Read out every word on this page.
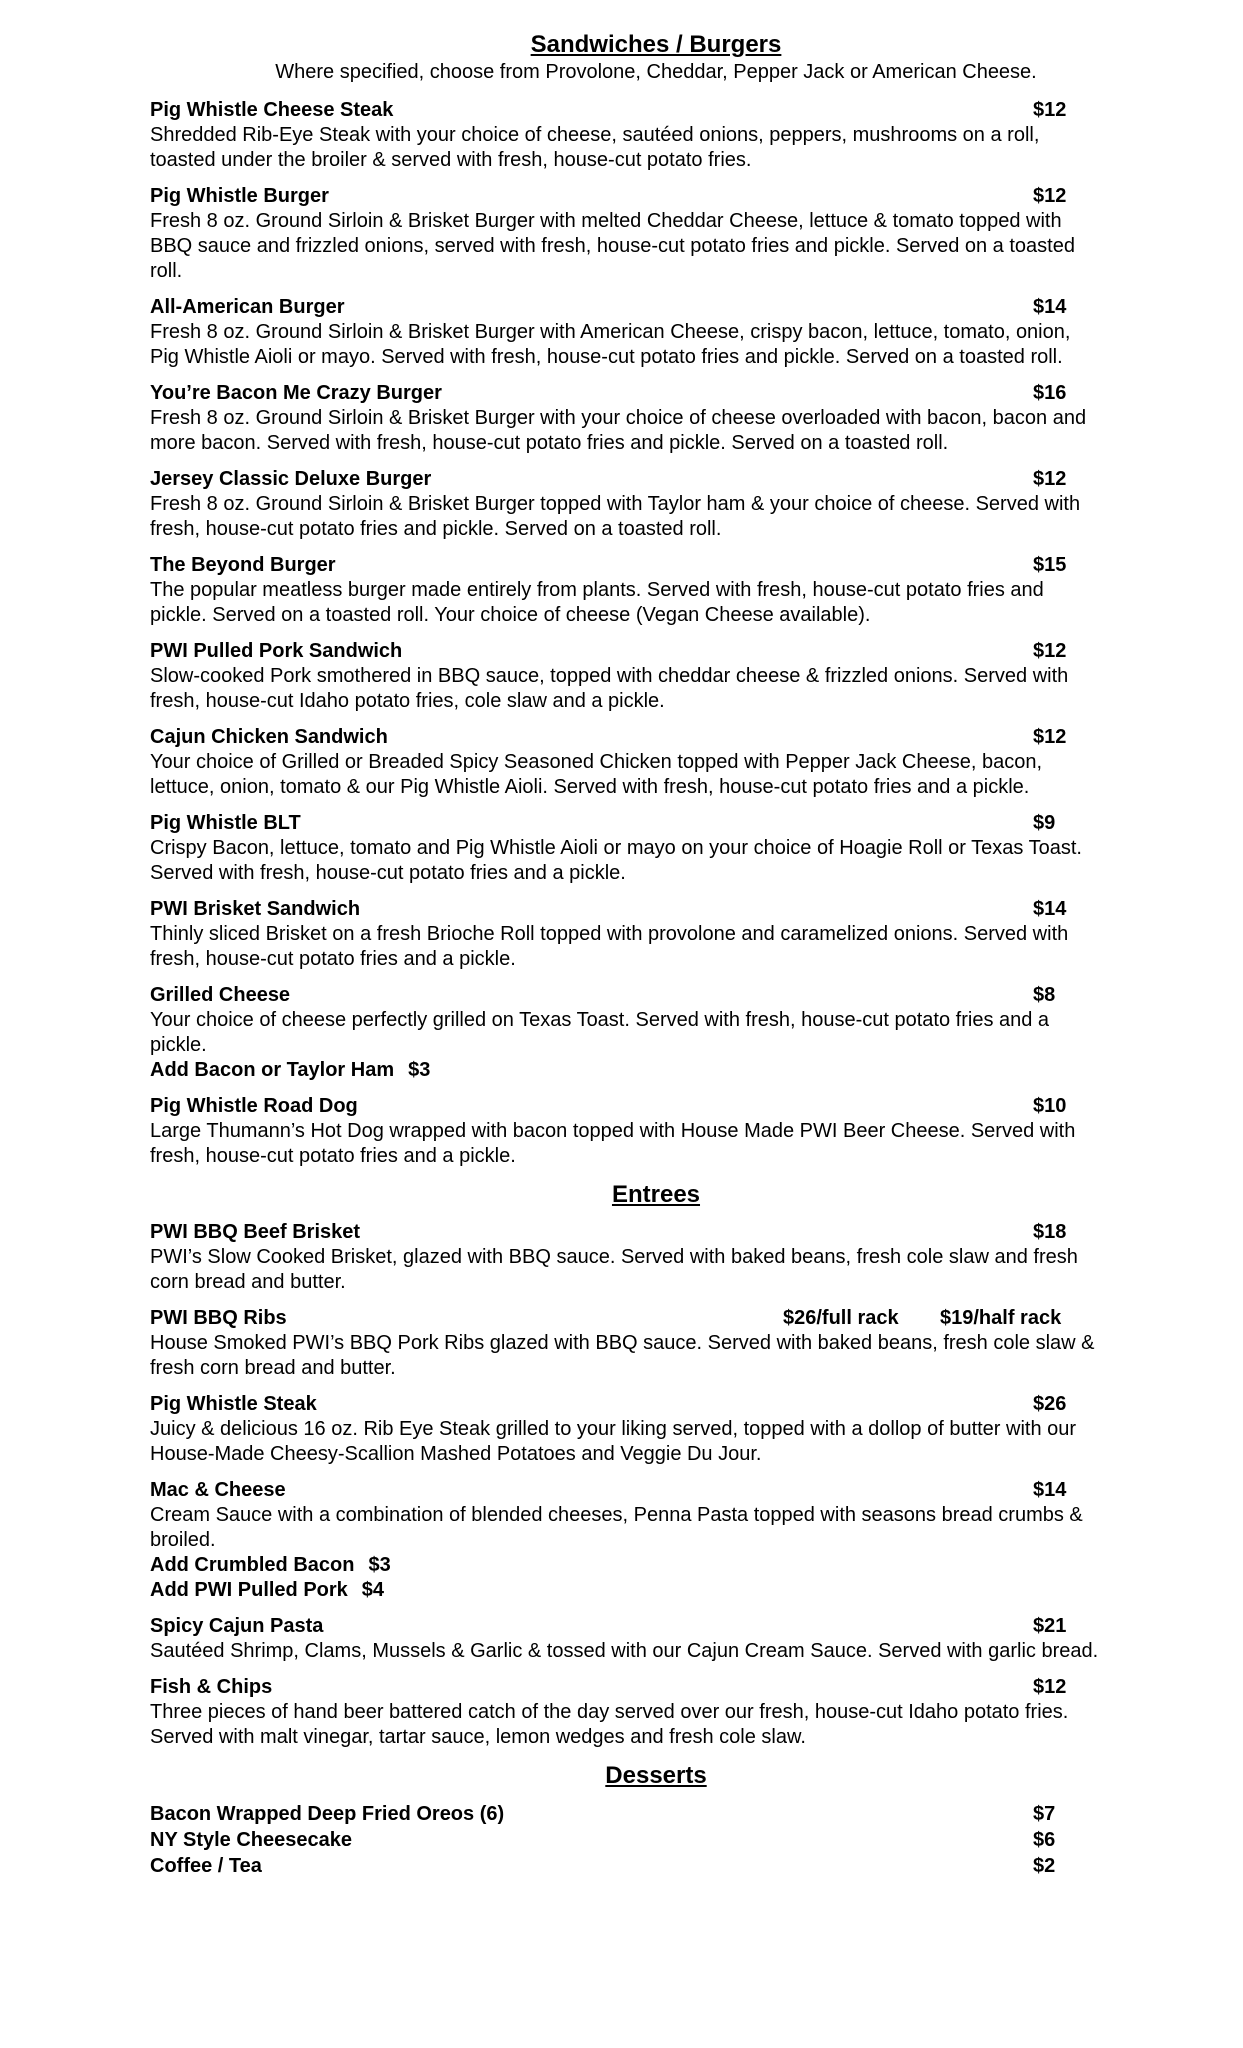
Sandwiches / Burgers

Where specified, choose from Provolone, Cheddar, Pepper Jack or American Cheese.

Pig Whistle Cheese Steak	$12

Shredded Rib-Eye Steak with your choice of cheese, sautéed onions, peppers, mushrooms on a roll, toasted under the broiler & served with fresh, house-cut potato fries.

Pig Whistle Burger	$12

Fresh 8 oz. Ground Sirloin & Brisket Burger with melted Cheddar Cheese, lettuce & tomato topped with BBQ sauce and frizzled onions, served with fresh, house-cut potato fries and pickle. Served on a toasted roll.

All-American Burger	$14

Fresh 8 oz. Ground Sirloin & Brisket Burger with American Cheese, crispy bacon, lettuce, tomato, onion, Pig Whistle Aioli or mayo. Served with fresh, house-cut potato fries and pickle. Served on a toasted roll.

You’re Bacon Me Crazy Burger	$16

Fresh 8 oz. Ground Sirloin & Brisket Burger with your choice of cheese overloaded with bacon, bacon and more bacon. Served with fresh, house-cut potato fries and pickle. Served on a toasted roll.

Jersey Classic Deluxe Burger	$12

Fresh 8 oz. Ground Sirloin & Brisket Burger topped with Taylor ham & your choice of cheese. Served with fresh, house-cut potato fries and pickle. Served on a toasted roll.

The Beyond Burger	$15

The popular meatless burger made entirely from plants. Served with fresh, house-cut potato fries and pickle. Served on a toasted roll. Your choice of cheese (Vegan Cheese available).

PWI Pulled Pork Sandwich	$12

Slow-cooked Pork smothered in BBQ sauce, topped with cheddar cheese & frizzled onions. Served with fresh, house-cut Idaho potato fries, cole slaw and a pickle.

Cajun Chicken Sandwich	$12

Your choice of Grilled or Breaded Spicy Seasoned Chicken topped with Pepper Jack Cheese, bacon, lettuce, onion, tomato & our Pig Whistle Aioli. Served with fresh, house-cut potato fries and a pickle.

Pig Whistle BLT	$9

Crispy Bacon, lettuce, tomato and Pig Whistle Aioli or mayo on your choice of Hoagie Roll or Texas Toast. Served with fresh, house-cut potato fries and a pickle.

PWI Brisket Sandwich	$14

Thinly sliced Brisket on a fresh Brioche Roll topped with provolone and caramelized onions. Served with fresh, house-cut potato fries and a pickle.

Grilled Cheese	$8

Your choice of cheese perfectly grilled on Texas Toast. Served with fresh, house-cut potato fries and a pickle.

Add Bacon or Taylor Ham $3
Pig Whistle Road Dog	$10

Large Thumann’s Hot Dog wrapped with bacon topped with House Made PWI Beer Cheese. Served with fresh, house-cut potato fries and a pickle.

Entrees
PWI BBQ Beef Brisket	$18

PWI’s Slow Cooked Brisket, glazed with BBQ sauce. Served with baked beans, fresh cole slaw and fresh corn bread and butter.

PWI BBQ Ribs	$26/full rack $19/half rack

House Smoked PWI’s BBQ Pork Ribs glazed with BBQ sauce. Served with baked beans, fresh cole slaw & fresh corn bread and butter.

Pig Whistle Steak	$26

Juicy & delicious 16 oz. Rib Eye Steak grilled to your liking served, topped with a dollop of butter with our House-Made Cheesy-Scallion Mashed Potatoes and Veggie Du Jour.

Mac & Cheese	$14

Cream Sauce with a combination of blended cheeses, Penna Pasta topped with seasons bread crumbs & broiled.

Add Crumbled Bacon $3
Add PWI Pulled Pork $4
Spicy Cajun Pasta	$21

Sautéed Shrimp, Clams, Mussels & Garlic & tossed with our Cajun Cream Sauce. Served with garlic bread.

Fish & Chips	$12

Three pieces of hand beer battered catch of the day served over our fresh, house-cut Idaho potato fries. Served with malt vinegar, tartar sauce, lemon wedges and fresh cole slaw.

Desserts
Bacon Wrapped Deep Fried Oreos (6)	$7
NY Style Cheesecake	$6
Coffee / Tea	$2
